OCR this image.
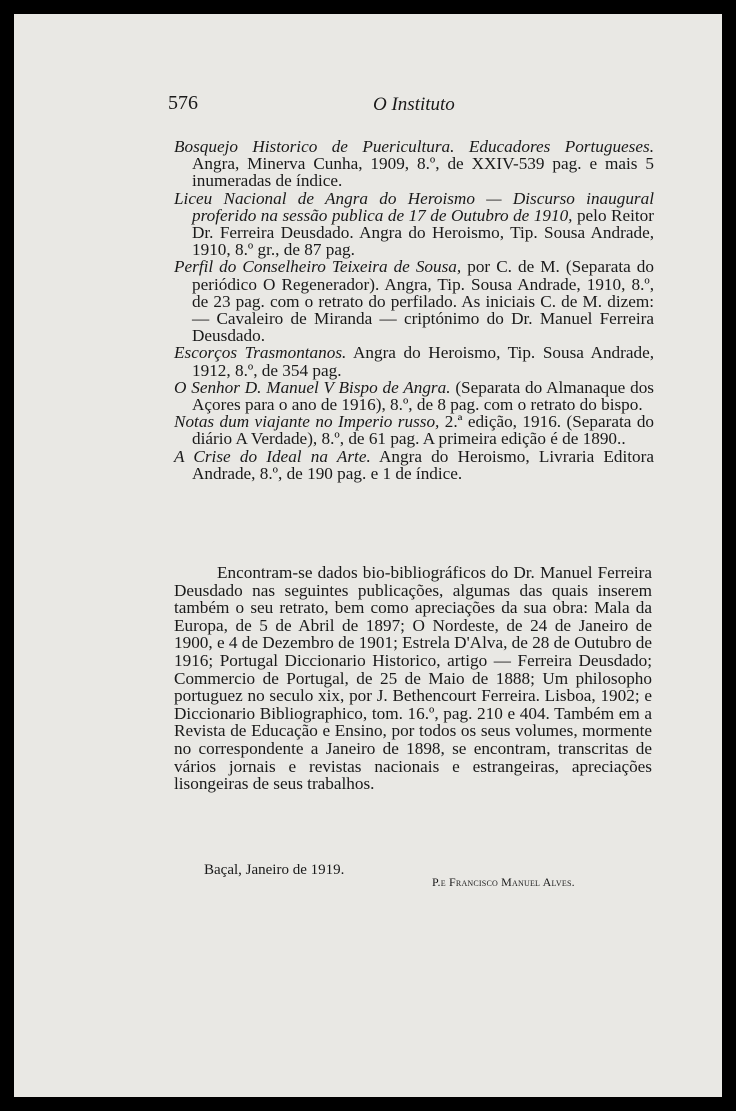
576	O Instituto

Bosquejo Historico de Puericultura. Educadores Portugueses. Angra, Minerva Cunha, 1909, 8.º, de XXIV-539 pag. e mais 5 inumeradas de índice.

Liceu Nacional de Angra do Heroismo — Discurso inaugural proferido na sessão publica de 17 de Outubro de 1910, pelo Reitor Dr. Ferreira Deusdado. Angra do Heroismo, Tip. Sousa Andrade, 1910, 8.º gr., de 87 pag.

Perfil do Conselheiro Teixeira de Sousa, por C. de M. (Separata do periódico O Regenerador). Angra, Tip. Sousa Andrade, 1910, 8.º, de 23 pag. com o retrato do perfilado. As iniciais C. de M. dizem: — Cavaleiro de Miranda — criptónimo do Dr. Manuel Ferreira Deusdado.

Escorços Trasmontanos. Angra do Heroismo, Tip. Sousa Andrade, 1912, 8.º, de 354 pag.

O Senhor D. Manuel V Bispo de Angra. (Separata do Almanaque dos Açores para o ano de 1916), 8.º, de 8 pag. com o retrato do bispo.

Notas dum viajante no Imperio russo, 2.ª edição, 1916. (Separata do diário A Verdade), 8.º, de 61 pag. A primeira edição é de 1890..

A Crise do Ideal na Arte. Angra do Heroismo, Livraria Editora Andrade, 8.º, de 190 pag. e 1 de índice.

Encontram-se dados bio-bibliográficos do Dr. Manuel Ferreira Deusdado nas seguintes publicações, algumas das quais inserem também o seu retrato, bem como apreciações da sua obra: Mala da Europa, de 5 de Abril de 1897; O Nordeste, de 24 de Janeiro de 1900, e 4 de Dezembro de 1901; Estrela D'Alva, de 28 de Outubro de 1916; Portugal Diccionario Historico, artigo — Ferreira Deusdado; Commercio de Portugal, de 25 de Maio de 1888; Um philosopho portuguez no seculo xix, por J. Bethencourt Ferreira. Lisboa, 1902; e Diccionario Bibliographico, tom. 16.º, pag. 210 e 404. Também em a Revista de Educação e Ensino, por todos os seus volumes, mormente no correspondente a Janeiro de 1898, se encontram, transcritas de vários jornais e revistas nacionais e estrangeiras, apreciações lisongeiras de seus trabalhos.

Baçal, Janeiro de 1919.
P.e Francisco Manuel Alves.
